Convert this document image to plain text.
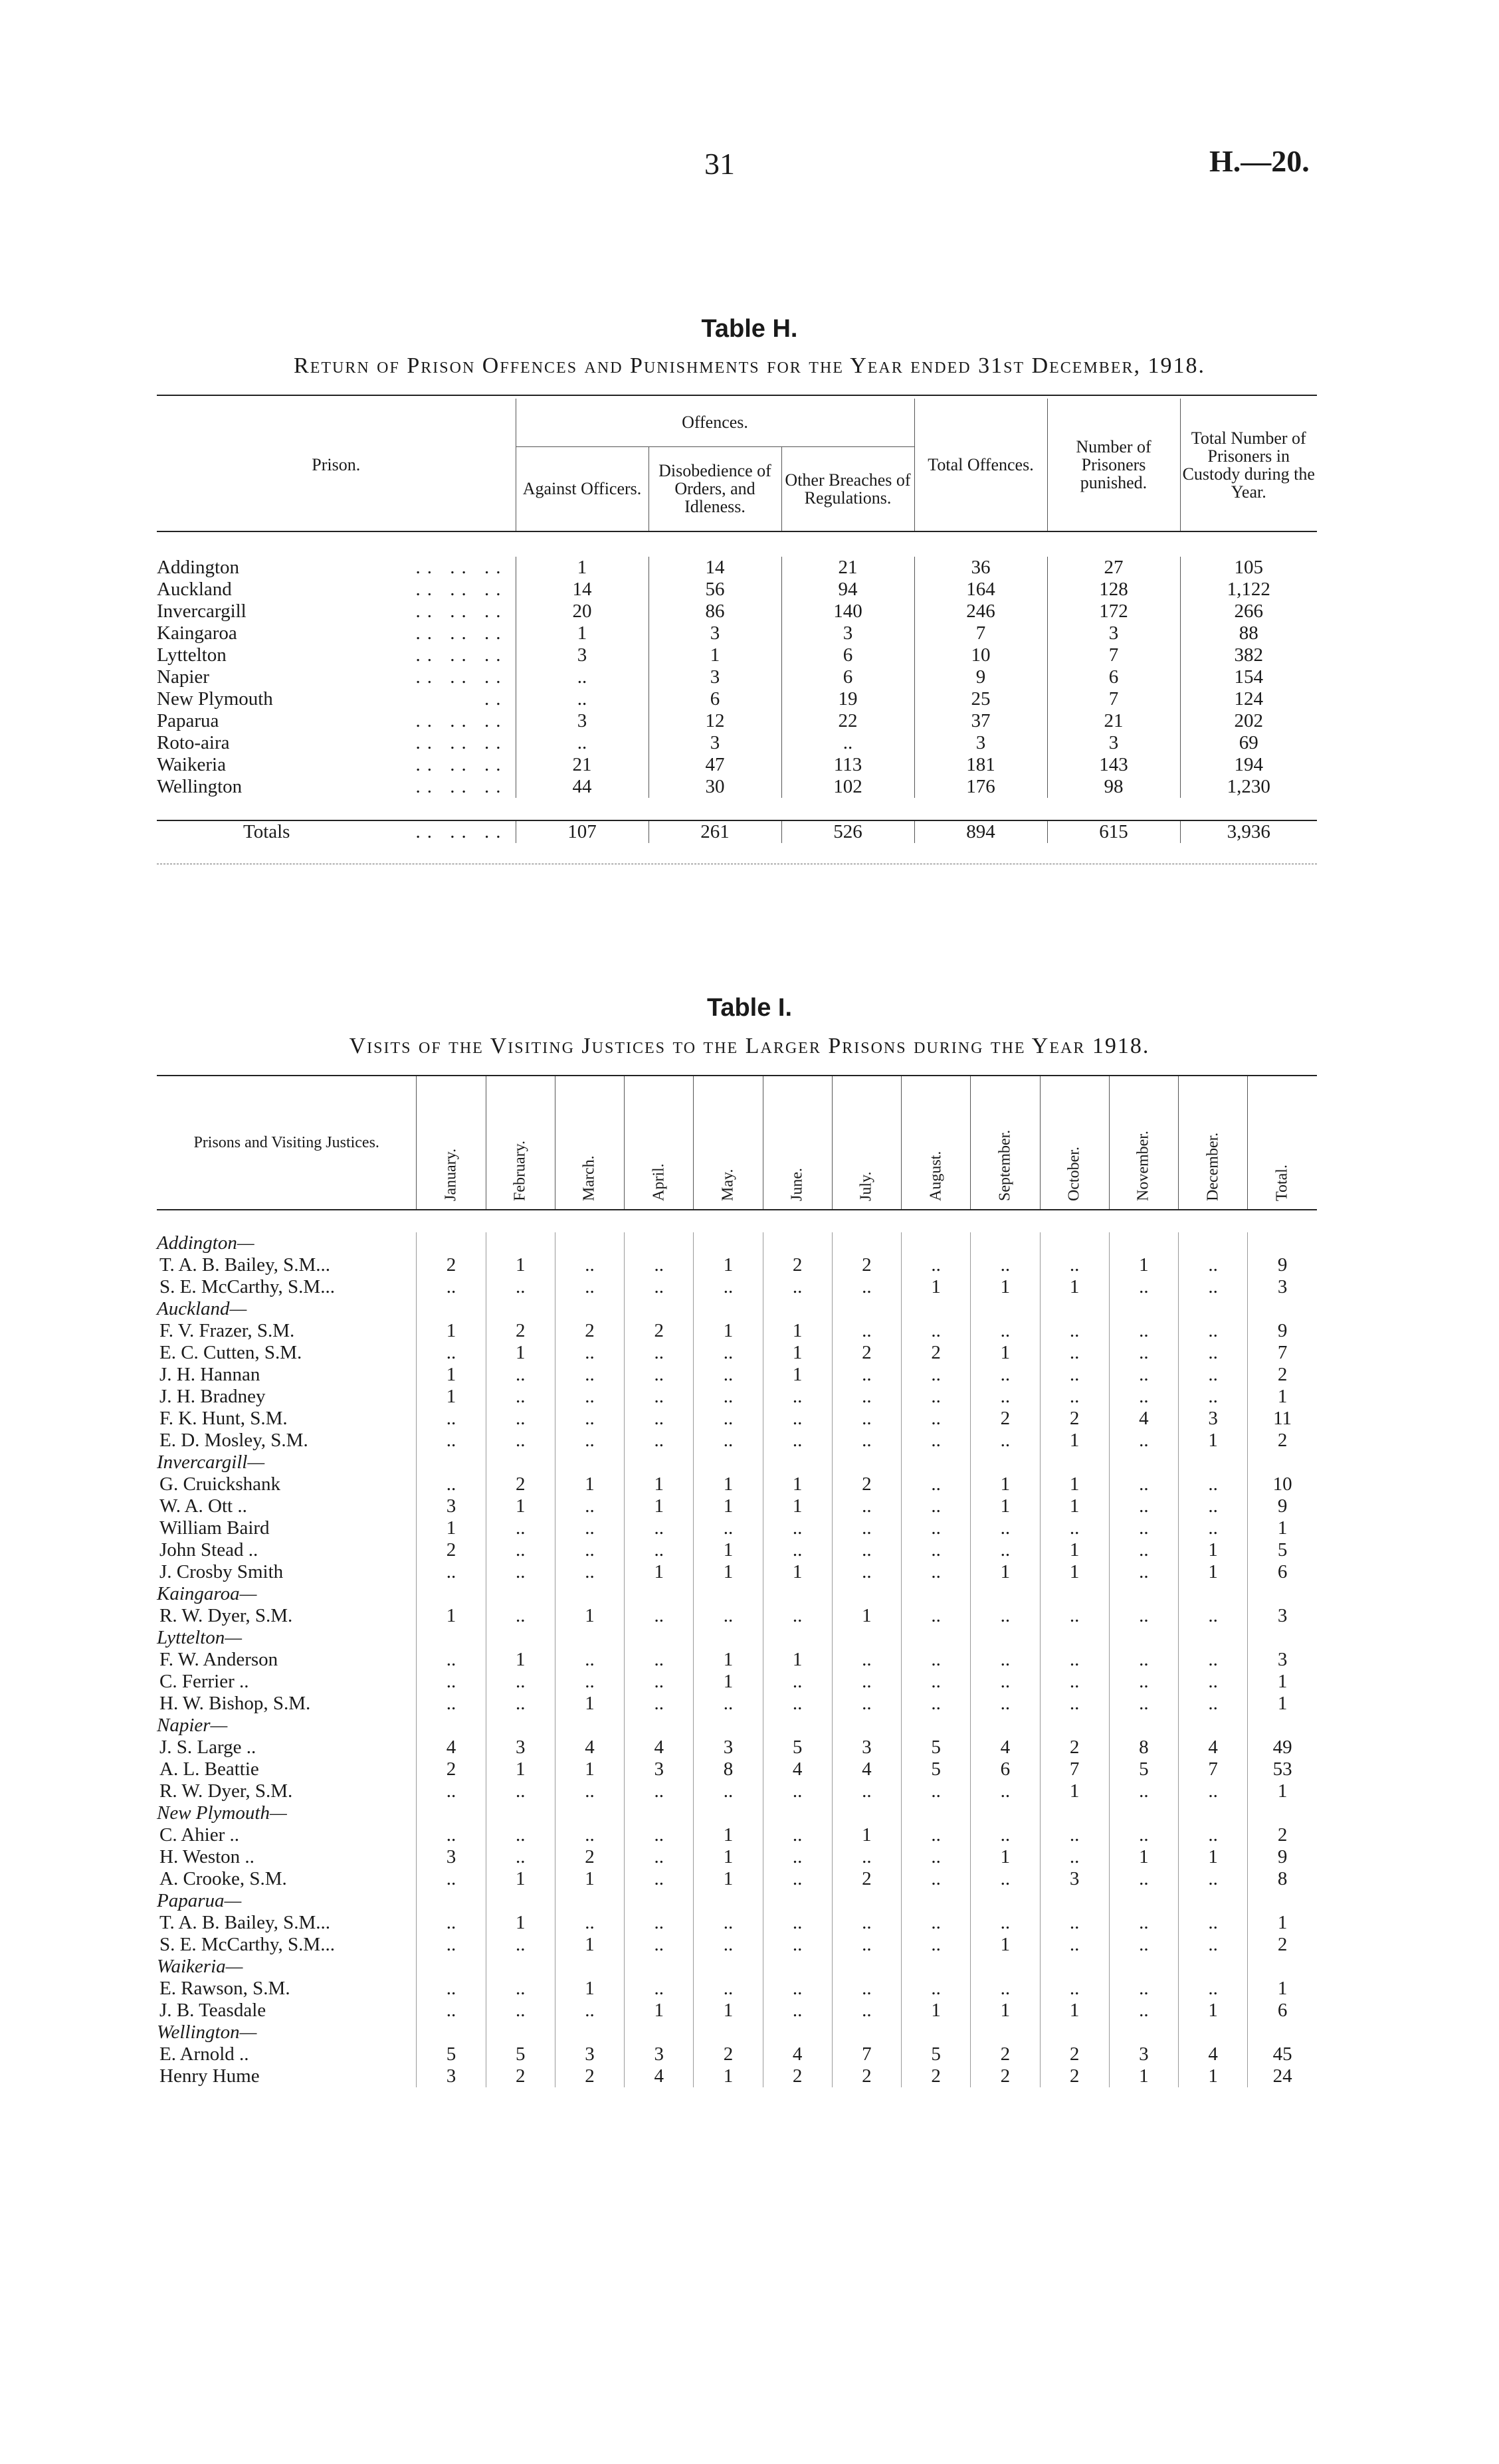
31	H.—20.
Table H.
Return of Prison Offences and Punishments for the Year ended 31st December, 1918.
Prison.	Offences.			Total Offences.	Number of Prisoners punished.	Total Number of Prisoners in Custody during the Year.
	Against Officers.	Disobedience of Orders, and Idleness.	Other Breaches of Regulations.			

Addington .. .. ..	1	14	21	36	27	105
Auckland .. .. ..	14	56	94	164	128	1,122
Invercargill .. .. ..	20	86	140	246	172	266
Kaingaroa .. .. ..	1	3	3	7	3	88
Lyttelton .. .. ..	3	1	6	10	7	382
Napier .. .. ..	..	3	6	9	6	154
New Plymouth ..	..	6	19	25	7	124
Paparua .. .. ..	3	12	22	37	21	202
Roto-aira .. .. ..	..	3	..	3	3	69
Waikeria .. .. ..	21	47	113	181	143	194
Wellington .. .. ..	44	30	102	176	98	1,230

Totals .. .. ..	107	261	526	894	615	3,936
Table I.
Visits of the Visiting Justices to the Larger Prisons during the Year 1918.
Prisons and Visiting Justices.	January.	February.	March.	April.	May.	June.	July.	August.	September.	October.	November.	December.	Total.

Addington—													
T. A. B. Bailey, S.M...	2	1	..	..	1	2	2	..	..	..	1	..	9
S. E. McCarthy, S.M...	..	..	..	..	..	..	..	1	1	1	..	..	3
Auckland—													
F. V. Frazer, S.M.	1	2	2	2	1	1	..	..	..	..	..	..	9
E. C. Cutten, S.M.	..	1	..	..	..	1	2	2	1	..	..	..	7
J. H. Hannan	1	..	..	..	..	1	..	..	..	..	..	..	2
J. H. Bradney	1	..	..	..	..	..	..	..	..	..	..	..	1
F. K. Hunt, S.M.	..	..	..	..	..	..	..	..	2	2	4	3	11
E. D. Mosley, S.M.	..	..	..	..	..	..	..	..	..	1	..	1	2
Invercargill—													
G. Cruickshank	..	2	1	1	1	1	2	..	1	1	..	..	10
W. A. Ott ..	3	1	..	1	1	1	..	..	1	1	..	..	9
William Baird	1	..	..	..	..	..	..	..	..	..	..	..	1
John Stead ..	2	..	..	..	1	..	..	..	..	1	..	1	5
J. Crosby Smith	..	..	..	1	1	1	..	..	1	1	..	1	6
Kaingaroa—													
R. W. Dyer, S.M.	1	..	1	..	..	..	1	..	..	..	..	..	3
Lyttelton—													
F. W. Anderson	..	1	..	..	1	1	..	..	..	..	..	..	3
C. Ferrier ..	..	..	..	..	1	..	..	..	..	..	..	..	1
H. W. Bishop, S.M.	..	..	1	..	..	..	..	..	..	..	..	..	1
Napier—													
J. S. Large ..	4	3	4	4	3	5	3	5	4	2	8	4	49
A. L. Beattie	2	1	1	3	8	4	4	5	6	7	5	7	53
R. W. Dyer, S.M.	..	..	..	..	..	..	..	..	..	1	..	..	1
New Plymouth—													
C. Ahier ..	..	..	..	..	1	..	1	..	..	..	..	..	2
H. Weston ..	3	..	2	..	1	..	..	..	1	..	1	1	9
A. Crooke, S.M.	..	1	1	..	1	..	2	..	..	3	..	..	8
Paparua—													
T. A. B. Bailey, S.M...	..	1	..	..	..	..	..	..	..	..	..	..	1
S. E. McCarthy, S.M...	..	..	1	..	..	..	..	..	1	..	..	..	2
Waikeria—													
E. Rawson, S.M.	..	..	1	..	..	..	..	..	..	..	..	..	1
J. B. Teasdale	..	..	..	1	1	..	..	1	1	1	..	1	6
Wellington—													
E. Arnold ..	5	5	3	3	2	4	7	5	2	2	3	4	45
Henry Hume	3	2	2	4	1	2	2	2	2	2	1	1	24
